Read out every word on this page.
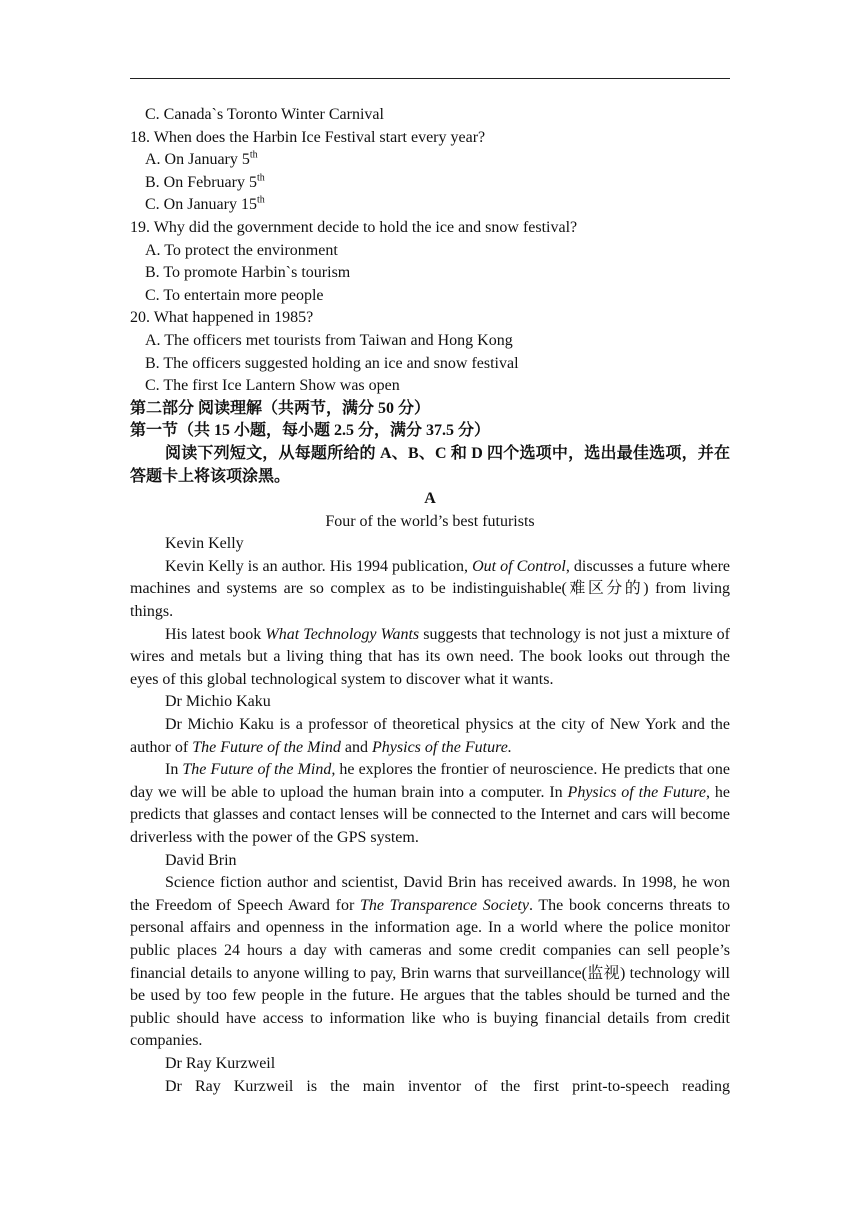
C. Canada`s Toronto Winter Carnival
18. When does the Harbin Ice Festival start every year?
A. On January 5th
B. On February 5th
C. On January 15th
19. Why did the government decide to hold the ice and snow festival?
A. To protect the environment
B. To promote Harbin`s tourism
C. To entertain more people
20. What happened in 1985?
A. The officers met tourists from Taiwan and Hong Kong
B. The officers suggested holding an ice and snow festival
C. The first Ice Lantern Show was open
第二部分 阅读理解（共两节，满分 50 分）
第一节（共 15 小题，每小题 2.5 分，满分 37.5 分）
阅读下列短文，从每题所给的 A、B、C 和 D 四个选项中，选出最佳选项，并在答题卡上将该项涂黑。
A
Four of the world’s best futurists
Kevin Kelly
Kevin Kelly is an author. His 1994 publication, Out of Control, discusses a future where machines and systems are so complex as to be indistinguishable(难区分的) from living things.
His latest book What Technology Wants suggests that technology is not just a mixture of wires and metals but a living thing that has its own need. The book looks out through the eyes of this global technological system to discover what it wants.
Dr Michio Kaku
Dr Michio Kaku is a professor of theoretical physics at the city of New York and the author of The Future of the Mind and Physics of the Future.
In The Future of the Mind, he explores the frontier of neuroscience. He predicts that one day we will be able to upload the human brain into a computer. In Physics of the Future, he predicts that glasses and contact lenses will be connected to the Internet and cars will become driverless with the power of the GPS system.
David Brin
Science fiction author and scientist, David Brin has received awards. In 1998, he won the Freedom of Speech Award for The Transparence Society. The book concerns threats to personal affairs and openness in the information age. In a world where the police monitor public places 24 hours a day with cameras and some credit companies can sell people’s financial details to anyone willing to pay, Brin warns that surveillance(监视) technology will be used by too few people in the future. He argues that the tables should be turned and the public should have access to information like who is buying financial details from credit companies.
Dr Ray Kurzweil
Dr Ray Kurzweil is the main inventor of the first print-to-speech reading
